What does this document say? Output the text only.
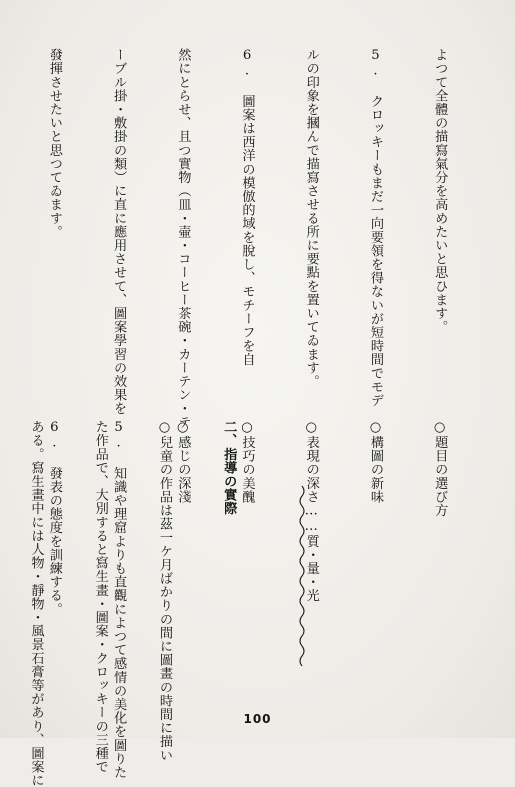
よつて全體の描寫氣分を高めたいと思ひます。

5. クロッキーもまだ一向要領を得ないが短時間でモデ

ルの印象を摑んで描寫させる所に要點を置いてゐます。

6. 圖案は西洋の模倣的域を脫し、モチーフを自

然にとらせ、且つ實物（皿・壷・コーヒー茶碗・カーテン・テ

ーブル掛・敷掛の類）に直に應用させて、圖案學習の效果を

發揮させたいと思つてゐます。

○題目の選び方

○構圖の新味

○表現の深さ……質・量・光

○技巧の美醜

○感じの深淺

5. 知識や理窟よりも直觀によつて感情の美化を圖りた

6. 發表の態度を訓練する。

	二、指導の實際

○兒童の作品は茲一ケ月ばかりの間に圖畫の時間に描い

た作品で、大別すると寫生畫・圖案・クロッキーの三種で

ある。寫生畫中には人物・靜物・風景石膏等があり、圖案に

	100
